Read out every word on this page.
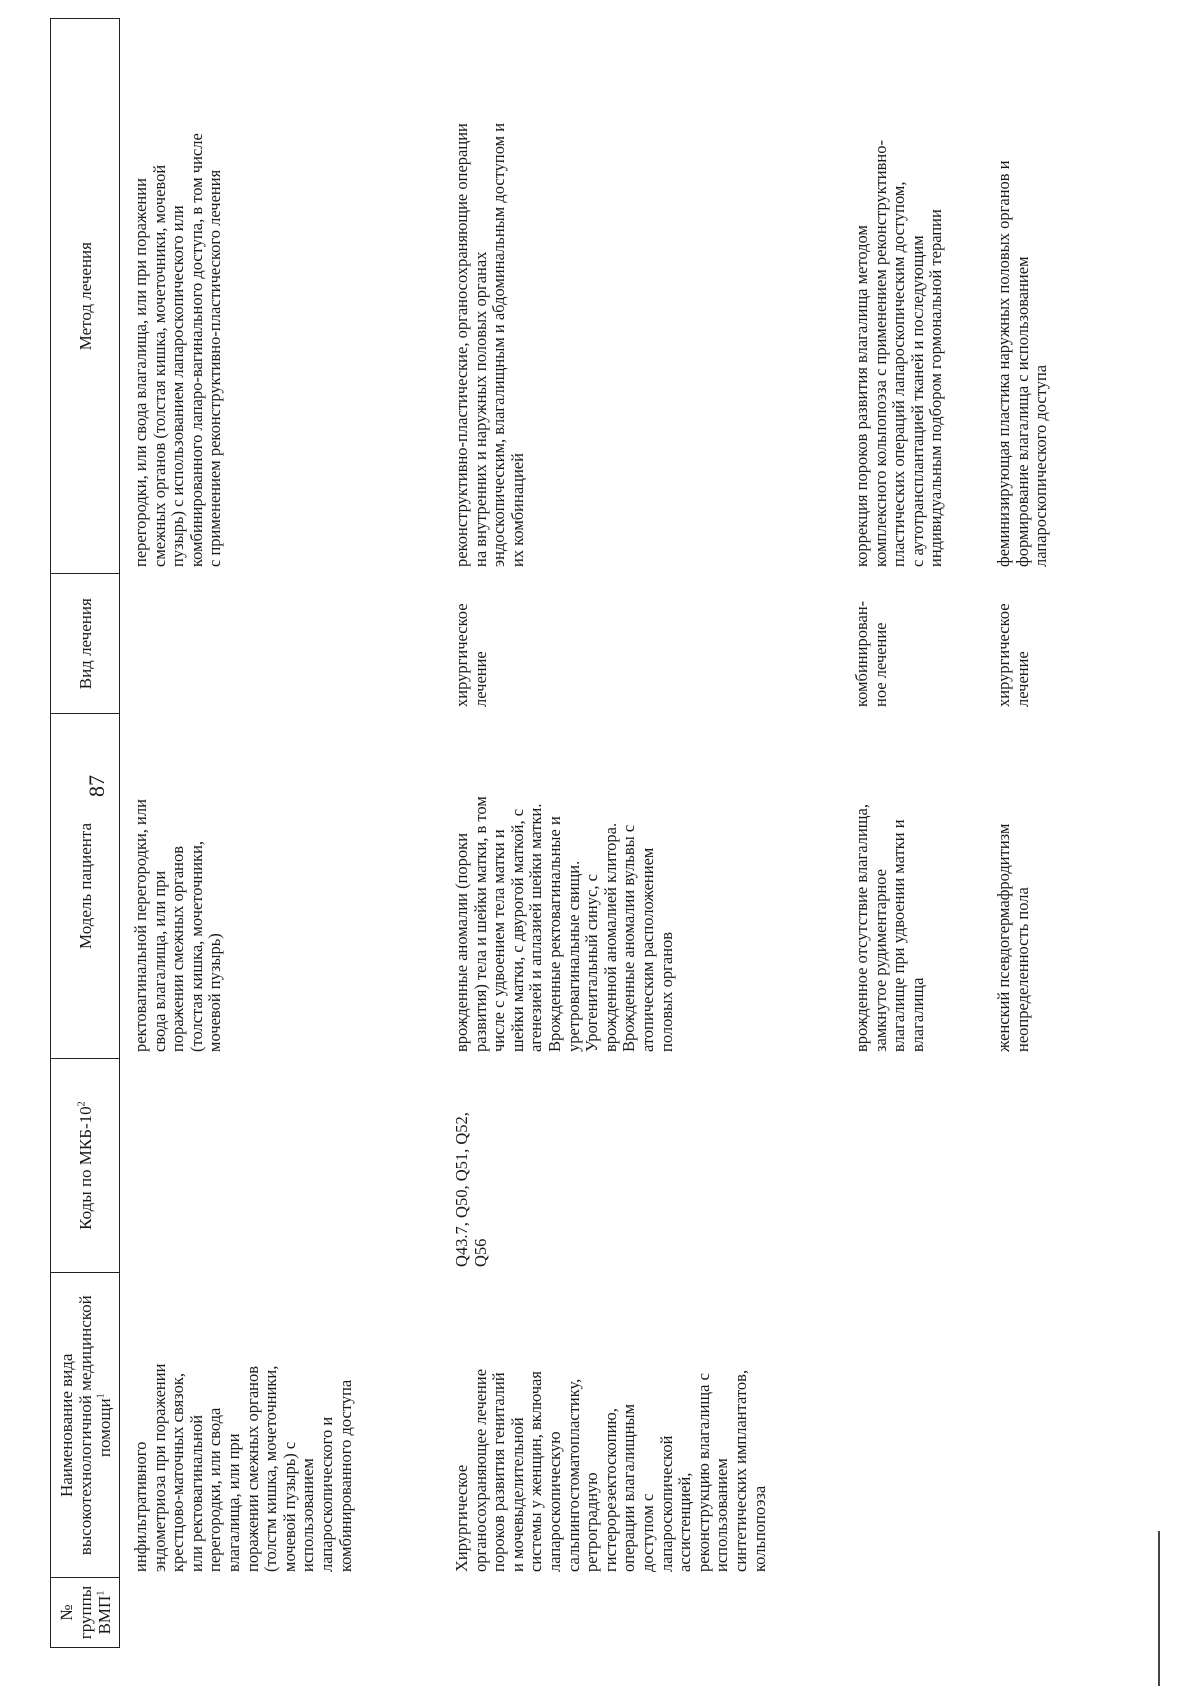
87
№ группы ВМП$^1$
Наименование вида высокотехнологичной медицинской помощи$^1$
Коды по МКБ-$10^2$
Модель пациента
Вид лечения
Метод лечения
инфильтративного
эндометриоза при поражении
крестцово-маточных связок,
или ректовагинальной
перегородки, или свода
влагалища, или при
поражении смежных органов
(толстм кишка, мочеточники,
мочевой пузырь) с
использованием
лапароскопического и
комбинированного доступа
ректовагинальной перегородки, или
свода влагалища, или при
поражении смежных органов
(толстая кишка, мочеточники,
мочевой пузырь)
перегородки, или свода влагалища, или при поражении
смежных органов (толстая кишка, мочеточники, мочевой
пузырь) с использованием лапароскопического или
комбинированного лапаро-вагинального доступа, в том числе
с применением реконструктивно-пластического лечения
Хирургическое
органосохраняющее лечение
пороков развития гениталий
и мочевыделительной
системы у женщин, включая
лапароскопическую
сальпингостоматопластику,
ретроградную
гистерорезектоскопию,
операции влагалищным
доступом с
лапароскопической
ассистенцией,
реконструкцию влагалища с
использованием
синтетических имплантатов,
кольпопоэза
Q43.7, Q50, Q51, Q52,
Q56
врожденные аномалии (пороки
развития) тела и шейки матки, в том
числе с удвоением тела матки и
шейки матки, с двурогой маткой, с
агенезией и аплазией шейки матки.
Врожденные ректовагинальные и
уретровагинальные свищи.
Урогенитальный синус, с
врожденной аномалией клитора.
Врожденные аномалии вульвы с
атопическим расположением
половых органов
хирургическое
лечение
реконструктивно-пластические, органосохраняющие операции
на внутренних и наружных половых органах
эндоскопическим, влагалищным и абдоминальным доступом и
их комбинацией
врожденное отсутствие влагалища,
замкнутое рудиментарное
влагалище при удвоении матки и
влагалища
комбинирован-
ное лечение
коррекция пороков развития влагалища методом
комплексного кольпопоэза с применением реконструктивно-
пластических операций лапароскопическим доступом,
с аутотрансплантацией тканей и последующим
индивидуальным подбором гормональной терапии
женский псевдогермафродитизм
неопределенность пола
хирургическое
лечение
феминизирующая пластика наружных половых органов и
формирование влагалища с использованием
лапароскопического доступа
